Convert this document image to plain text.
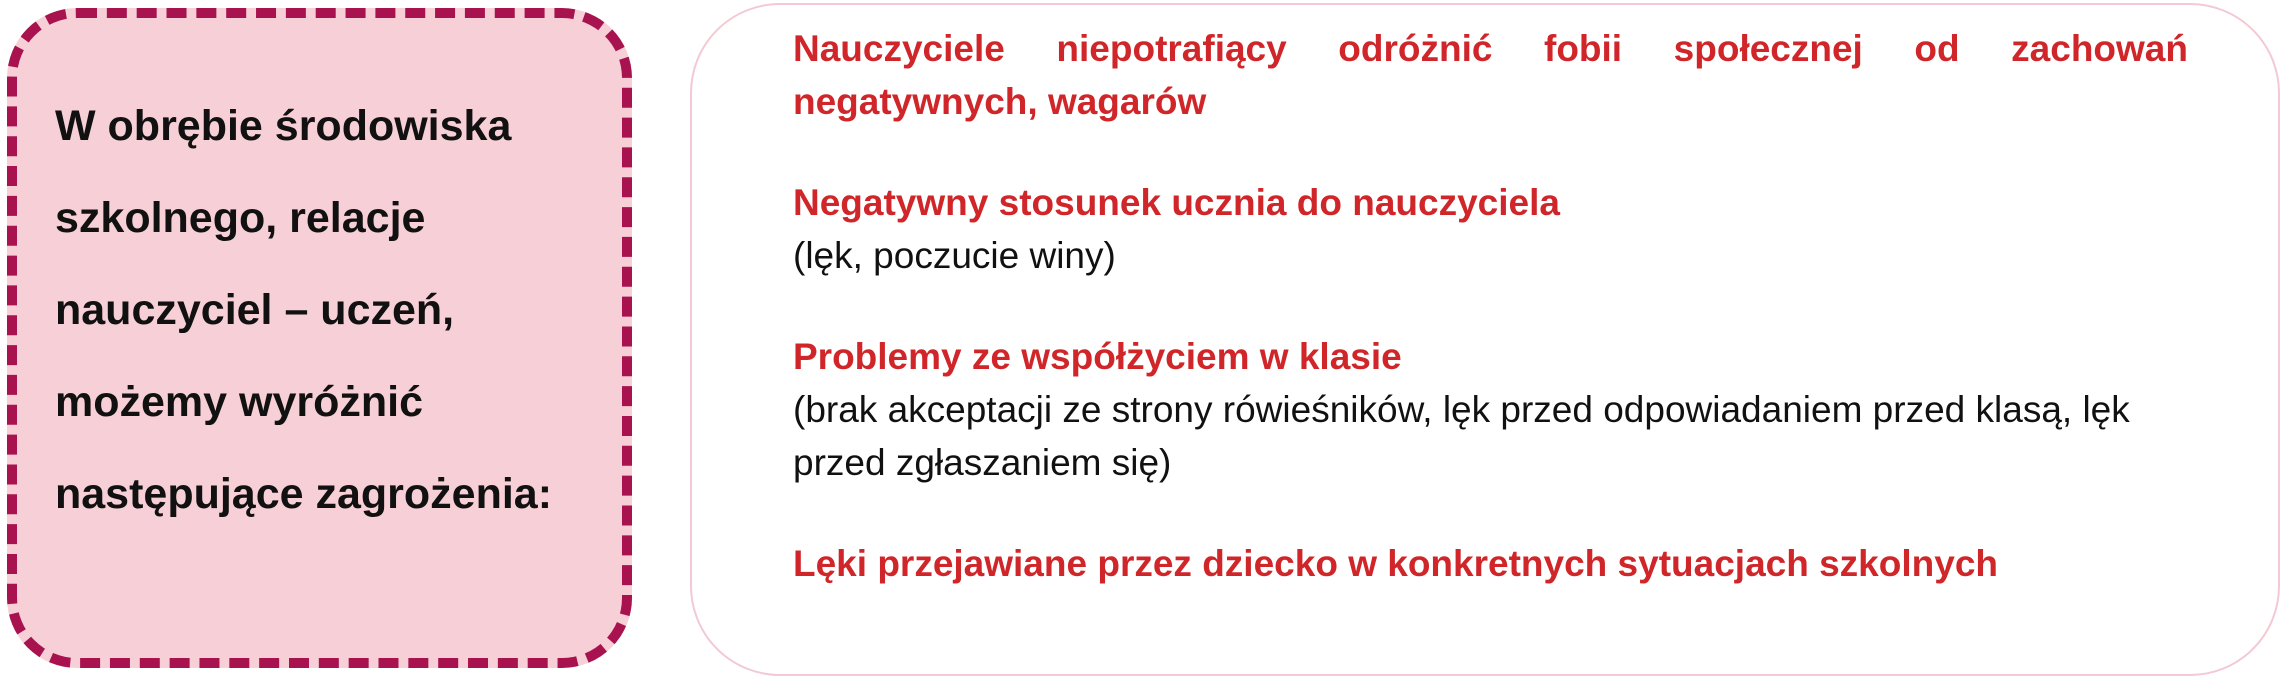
W obrębie środowiska
szkolnego, relacje
nauczyciel – uczeń,
możemy wyróżnić
następujące zagrożenia:
Nauczyciele niepotrafiący odróżnić fobii społecznej od zachowań negatywnych, wagarów
Negatywny stosunek ucznia do nauczyciela
(lęk, poczucie winy)
Problemy ze współżyciem w klasie
(brak akceptacji ze strony rówieśników, lęk przed odpowiadaniem przed klasą, lęk przed zgłaszaniem się)
Lęki przejawiane przez dziecko w konkretnych sytuacjach szkolnych
